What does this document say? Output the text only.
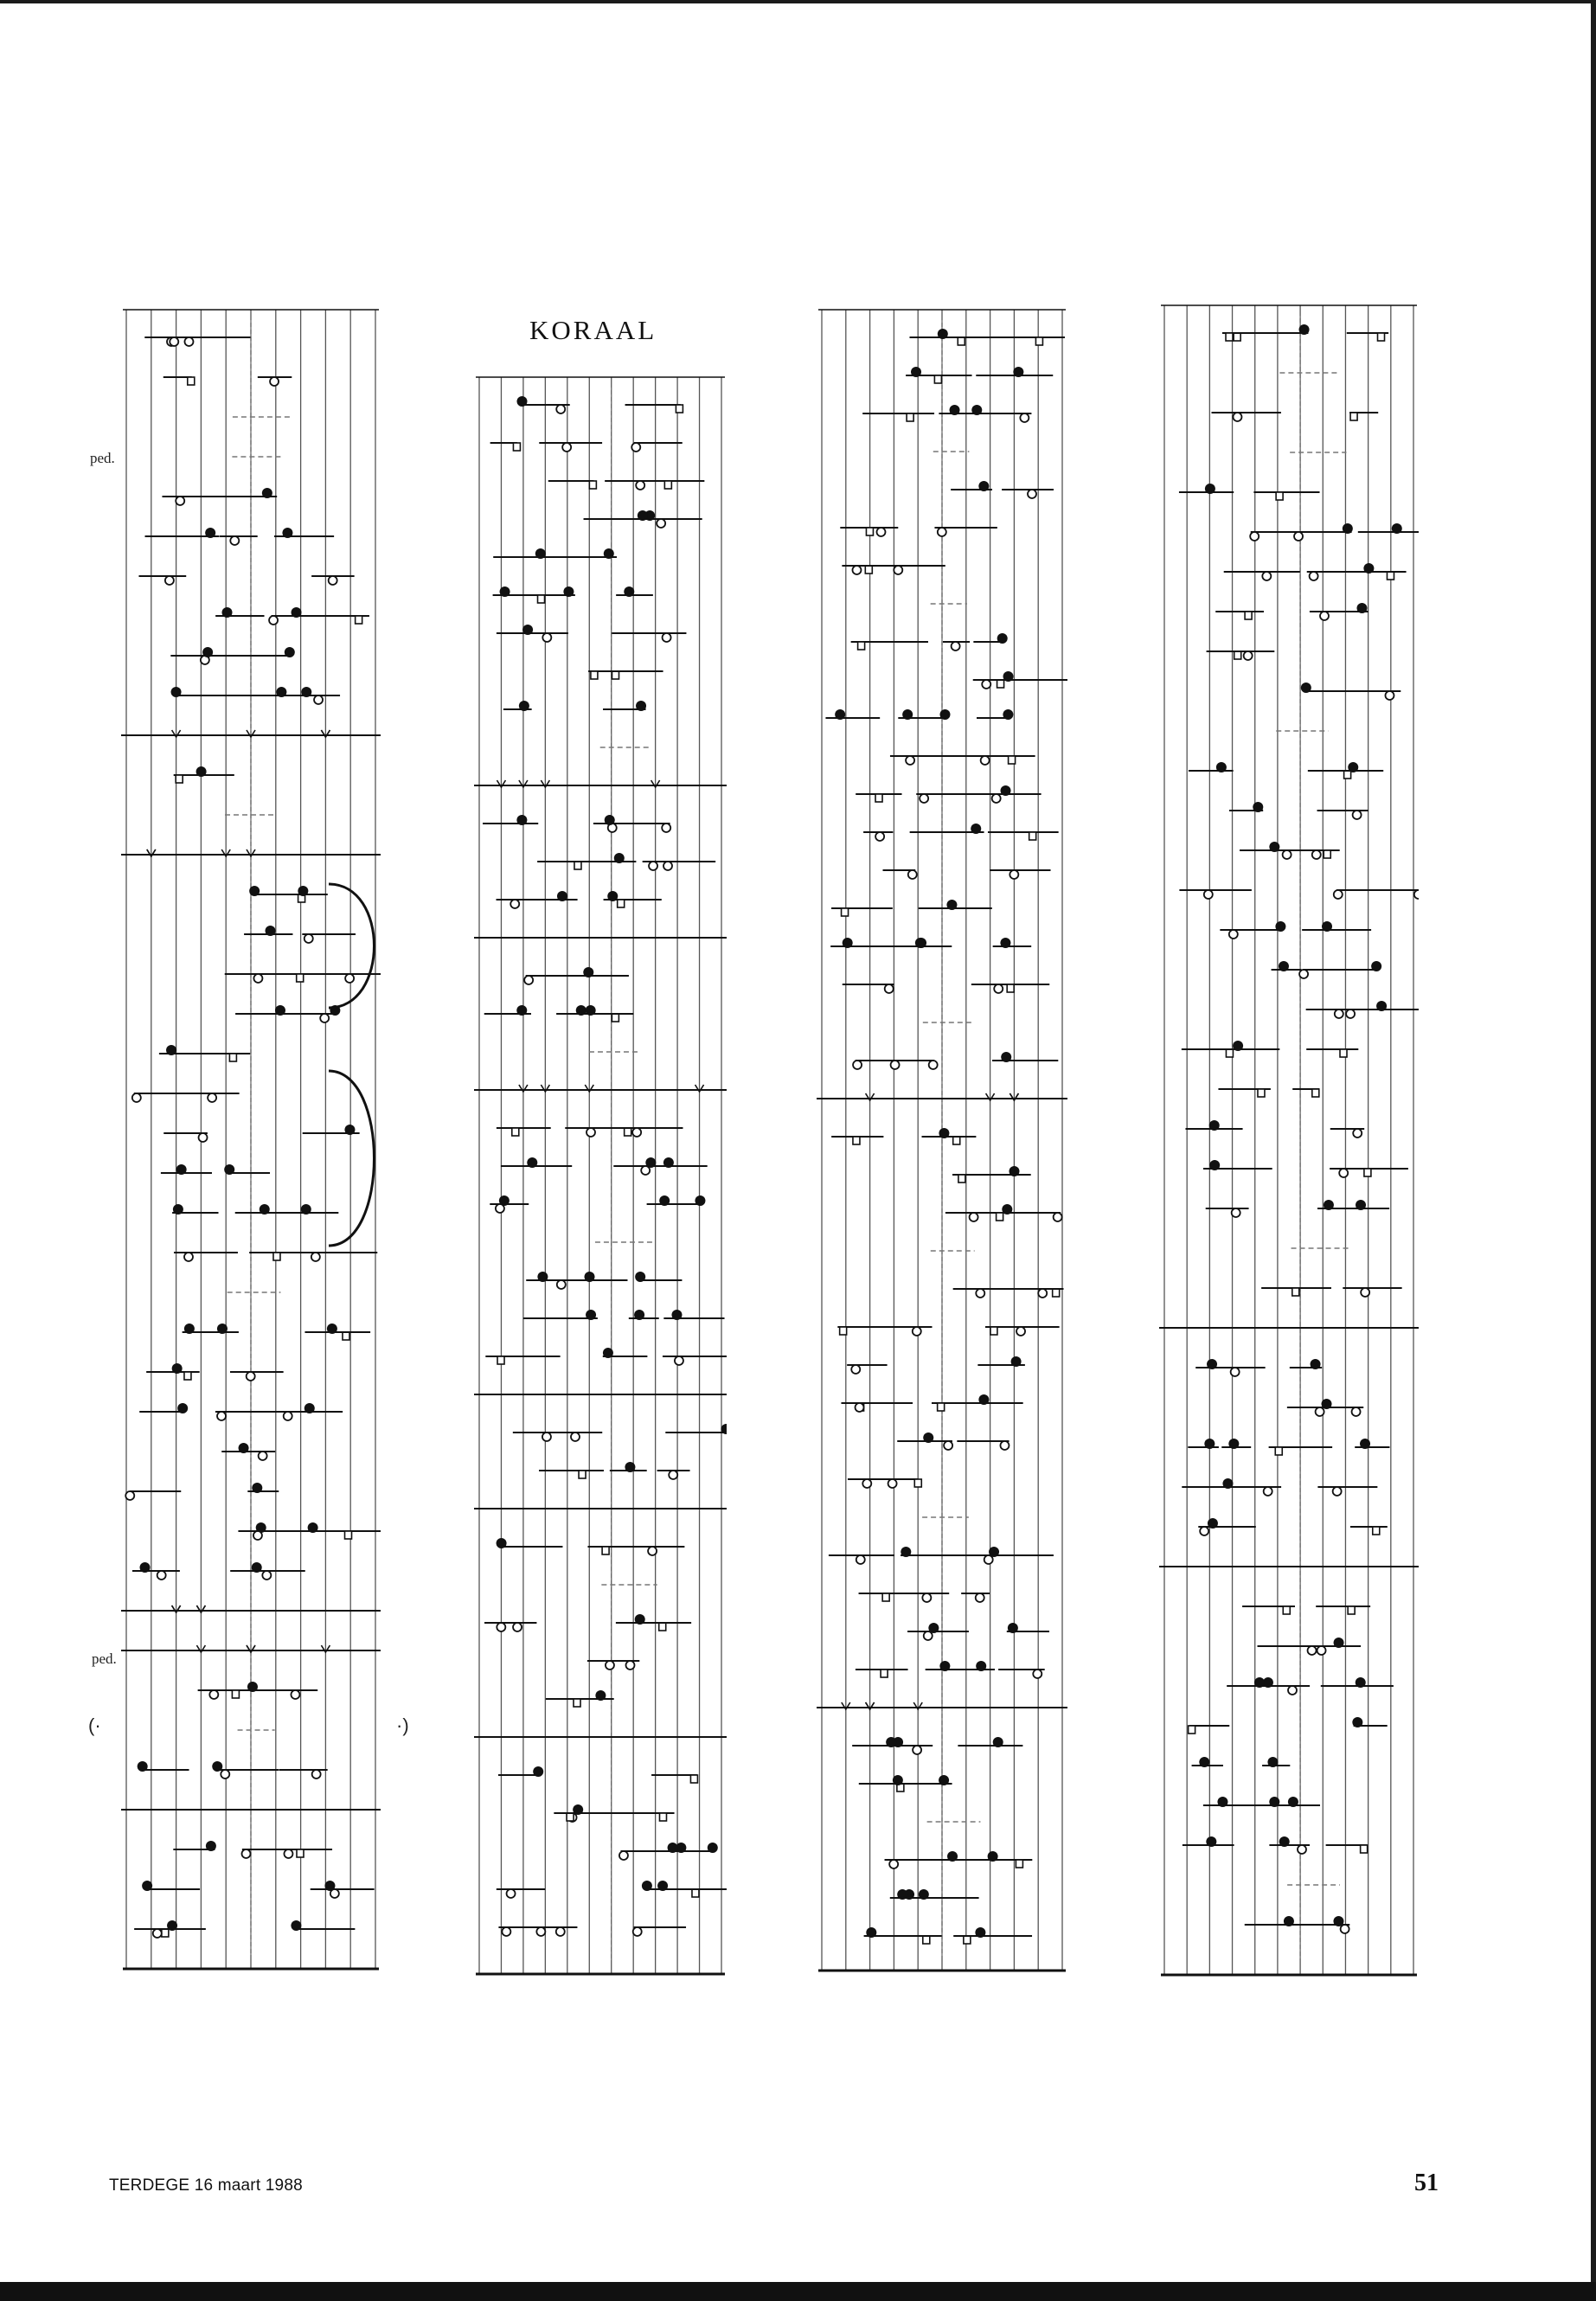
KORAAL
ped.
ped.
(·	·)
TERDEGE 16 maart 1988	51
